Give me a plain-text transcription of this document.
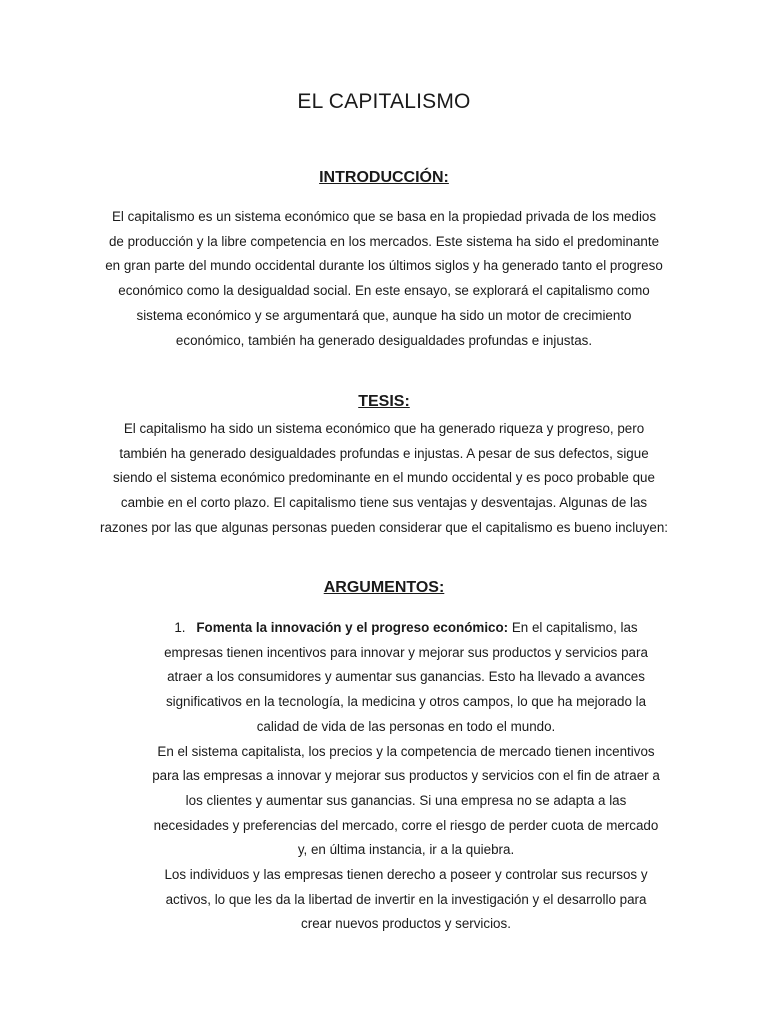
EL CAPITALISMO
INTRODUCCIÓN:

El capitalismo es un sistema económico que se basa en la propiedad privada de los medios de producción y la libre competencia en los mercados. Este sistema ha sido el predominante en gran parte del mundo occidental durante los últimos siglos y ha generado tanto el progreso económico como la desigualdad social. En este ensayo, se explorará el capitalismo como sistema económico y se argumentará que, aunque ha sido un motor de crecimiento económico, también ha generado desigualdades profundas e injustas.

TESIS:

El capitalismo ha sido un sistema económico que ha generado riqueza y progreso, pero también ha generado desigualdades profundas e injustas. A pesar de sus defectos, sigue siendo el sistema económico predominante en el mundo occidental y es poco probable que cambie en el corto plazo. El capitalismo tiene sus ventajas y desventajas. Algunas de las razones por las que algunas personas pueden considerar que el capitalismo es bueno incluyen:

ARGUMENTOS:

1. Fomenta la innovación y el progreso económico: En el capitalismo, las empresas tienen incentivos para innovar y mejorar sus productos y servicios para atraer a los consumidores y aumentar sus ganancias. Esto ha llevado a avances significativos en la tecnología, la medicina y otros campos, lo que ha mejorado la calidad de vida de las personas en todo el mundo.

En el sistema capitalista, los precios y la competencia de mercado tienen incentivos para las empresas a innovar y mejorar sus productos y servicios con el fin de atraer a los clientes y aumentar sus ganancias. Si una empresa no se adapta a las necesidades y preferencias del mercado, corre el riesgo de perder cuota de mercado y, en última instancia, ir a la quiebra.

Los individuos y las empresas tienen derecho a poseer y controlar sus recursos y activos, lo que les da la libertad de invertir en la investigación y el desarrollo para crear nuevos productos y servicios.
